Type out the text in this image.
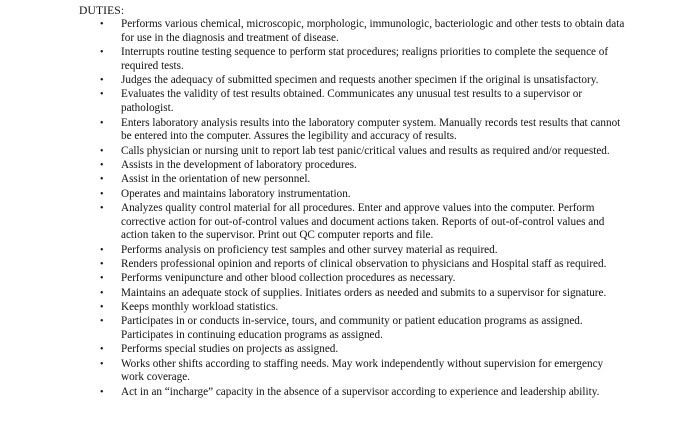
DUTIES:
• Performs various chemical, microscopic, morphologic, immunologic, bacteriologic and other tests to obtain data for use in the diagnosis and treatment of disease.
• Interrupts routine testing sequence to perform stat procedures; realigns priorities to complete the sequence of required tests.
• Judges the adequacy of submitted specimen and requests another specimen if the original is unsatisfactory.
• Evaluates the validity of test results obtained. Communicates any unusual test results to a supervisor or pathologist.
• Enters laboratory analysis results into the laboratory computer system. Manually records test results that cannot be entered into the computer. Assures the legibility and accuracy of results.
• Calls physician or nursing unit to report lab test panic/critical values and results as required and/or requested.
• Assists in the development of laboratory procedures.
• Assist in the orientation of new personnel.
• Operates and maintains laboratory instrumentation.
• Analyzes quality control material for all procedures. Enter and approve values into the computer. Perform corrective action for out-of-control values and document actions taken. Reports of out-of-control values and action taken to the supervisor. Print out QC computer reports and file.
• Performs analysis on proficiency test samples and other survey material as required.
• Renders professional opinion and reports of clinical observation to physicians and Hospital staff as required.
• Performs venipuncture and other blood collection procedures as necessary.
• Maintains an adequate stock of supplies. Initiates orders as needed and submits to a supervisor for signature.
• Keeps monthly workload statistics.
• Participates in or conducts in-service, tours, and community or patient education programs as assigned. Participates in continuing education programs as assigned.
• Performs special studies on projects as assigned.
• Works other shifts according to staffing needs. May work independently without supervision for emergency work coverage.
• Act in an “incharge” capacity in the absence of a supervisor according to experience and leadership ability.
